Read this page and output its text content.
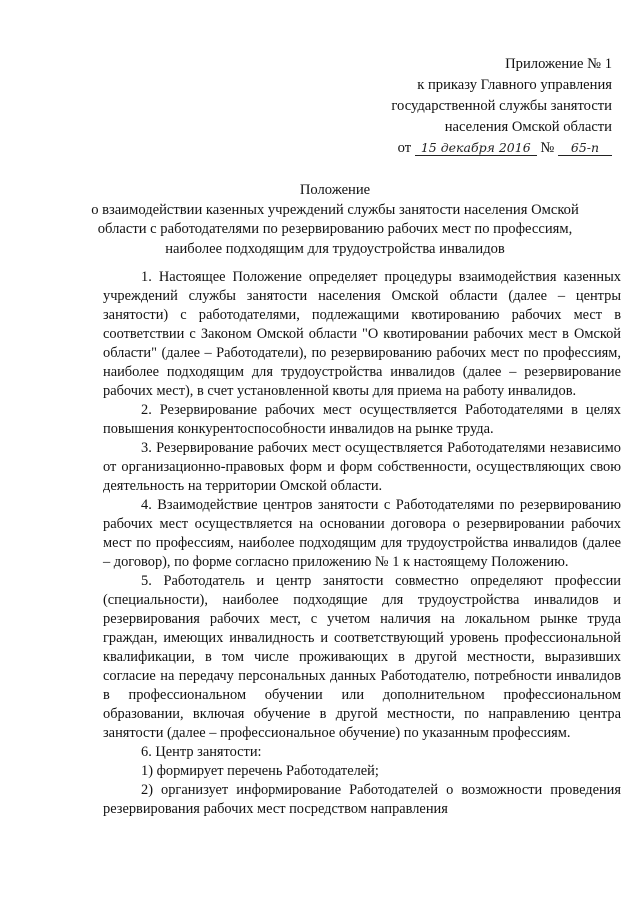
Приложение № 1
к приказу Главного управления
государственной службы занятости
населения Омской области
от 15 декабря 2016 № 65-п
Положение
о взаимодействии казенных учреждений службы занятости населения Омской
области с работодателями по резервированию рабочих мест по профессиям,
наиболее подходящим для трудоустройства инвалидов

1. Настоящее Положение определяет процедуры взаимодействия казенных учреждений службы занятости населения Омской области (далее – центры занятости) с работодателями, подлежащими квотированию рабочих мест в соответствии с Законом Омской области "О квотировании рабочих мест в Омской области" (далее – Работодатели), по резервированию рабочих мест по профессиям, наиболее подходящим для трудоустройства инвалидов (далее – резервирование рабочих мест), в счет установленной квоты для приема на работу инвалидов.

2. Резервирование рабочих мест осуществляется Работодателями в целях повышения конкурентоспособности инвалидов на рынке труда.

3. Резервирование рабочих мест осуществляется Работодателями независимо от организационно-правовых форм и форм собственности, осуществляющих свою деятельность на территории Омской области.

4. Взаимодействие центров занятости с Работодателями по резервированию рабочих мест осуществляется на основании договора о резервировании рабочих мест по профессиям, наиболее подходящим для трудоустройства инвалидов (далее – договор), по форме согласно приложению № 1 к настоящему Положению.

5. Работодатель и центр занятости совместно определяют профессии (специальности), наиболее подходящие для трудоустройства инвалидов и резервирования рабочих мест, с учетом наличия на локальном рынке труда граждан, имеющих инвалидность и соответствующий уровень профессиональной квалификации, в том числе проживающих в другой местности, выразивших согласие на передачу персональных данных Работодателю, потребности инвалидов в профессиональном обучении или дополнительном профессиональном образовании, включая обучение в другой местности, по направлению центра занятости (далее – профессиональное обучение) по указанным профессиям.

6. Центр занятости:

1) формирует перечень Работодателей;

2) организует информирование Работодателей о возможности проведения резервирования рабочих мест посредством направления
